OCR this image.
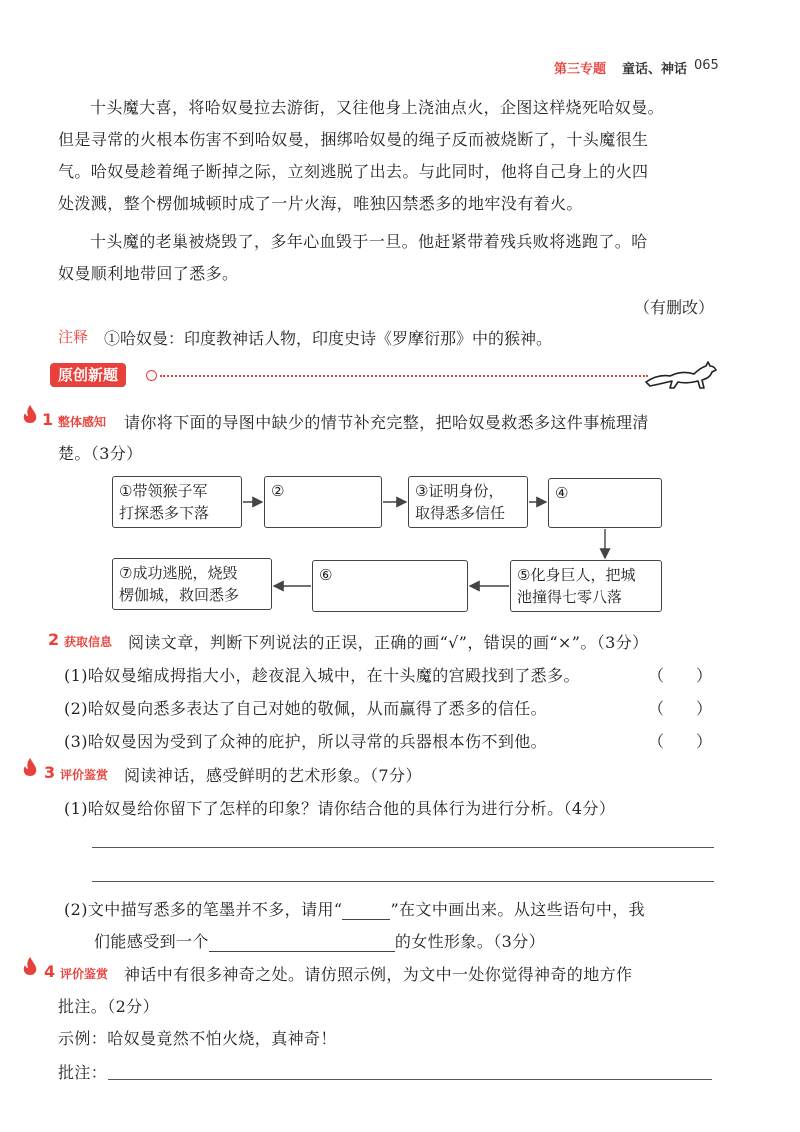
第三专题 童话、神话 065
十头魔大喜，将哈奴曼拉去游街，又往他身上浇油点火，企图这样烧死哈奴曼。
但是寻常的火根本伤害不到哈奴曼，捆绑哈奴曼的绳子反而被烧断了，十头魔很生
气。哈奴曼趁着绳子断掉之际，立刻逃脱了出去。与此同时，他将自己身上的火四
处泼溅，整个楞伽城顿时成了一片火海，唯独囚禁悉多的地牢没有着火。
十头魔的老巢被烧毁了，多年心血毁于一旦。他赶紧带着残兵败将逃跑了。哈
奴曼顺利地带回了悉多。
（有删改）
注释 ①哈奴曼：印度教神话人物，印度史诗《罗摩衍那》中的猴神。
原创新题
1 整体感知 请你将下面的导图中缺少的情节补充完整，把哈奴曼救悉多这件事梳理清
楚。（3分）
①带领猴子军
打探悉多下落
②	③证明身份，
取得悉多信任
④
⑤化身巨人，把城
池撞得七零八落
⑥
⑦成功逃脱，烧毁
楞伽城，救回悉多
2 获取信息 阅读文章，判断下列说法的正误，正确的画“√”，错误的画“×”。（3分）
(1)哈奴曼缩成拇指大小，趁夜混入城中，在十头魔的宫殿找到了悉多。	（　　）
(2)哈奴曼向悉多表达了自己对她的敬佩，从而赢得了悉多的信任。	（　　）
(3)哈奴曼因为受到了众神的庇护，所以寻常的兵器根本伤不到他。	（　　）
3 评价鉴赏 阅读神话，感受鲜明的艺术形象。（7分）
(1)哈奴曼给你留下了怎样的印象？请你结合他的具体行为进行分析。（4分）
(2)文中描写悉多的笔墨并不多，请用“	”在文中画出来。从这些语句中，我
们能感受到一个	的女性形象。（3分）
4 评价鉴赏 神话中有很多神奇之处。请仿照示例，为文中一处你觉得神奇的地方作
批注。（2分）
示例：哈奴曼竟然不怕火烧，真神奇！
批注：
